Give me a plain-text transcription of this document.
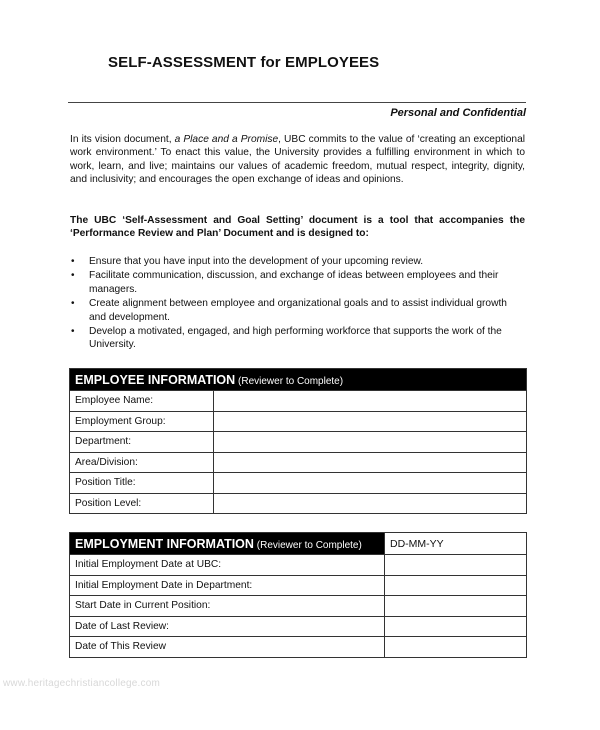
SELF-ASSESSMENT for EMPLOYEES
Personal and Confidential

In its vision document, a Place and a Promise, UBC commits to the value of ‘creating an exceptional work environment.’ To enact this value, the University provides a fulfilling environment in which to work, learn, and live; maintains our values of academic freedom, mutual respect, integrity, dignity, and inclusivity; and encourages the open exchange of ideas and opinions.

The UBC ‘Self-Assessment and Goal Setting’ document is a tool that accompanies the ‘Performance Review and Plan’ Document and is designed to:

• Ensure that you have input into the development of your upcoming review.
• Facilitate communication, discussion, and exchange of ideas between employees and their managers.
• Create alignment between employee and organizational goals and to assist individual growth and development.
• Develop a motivated, engaged, and high performing workforce that supports the work of the University.
EMPLOYEE INFORMATION (Reviewer to Complete)	
Employee Name:	
Employment Group:	
Department:	
Area/Division:	
Position Title:	
Position Level:	
EMPLOYMENT INFORMATION (Reviewer to Complete)	DD-MM-YY
Initial Employment Date at UBC:	
Initial Employment Date in Department:	
Start Date in Current Position:	
Date of Last Review:	
Date of This Review	
www.heritagechristiancollege.com
